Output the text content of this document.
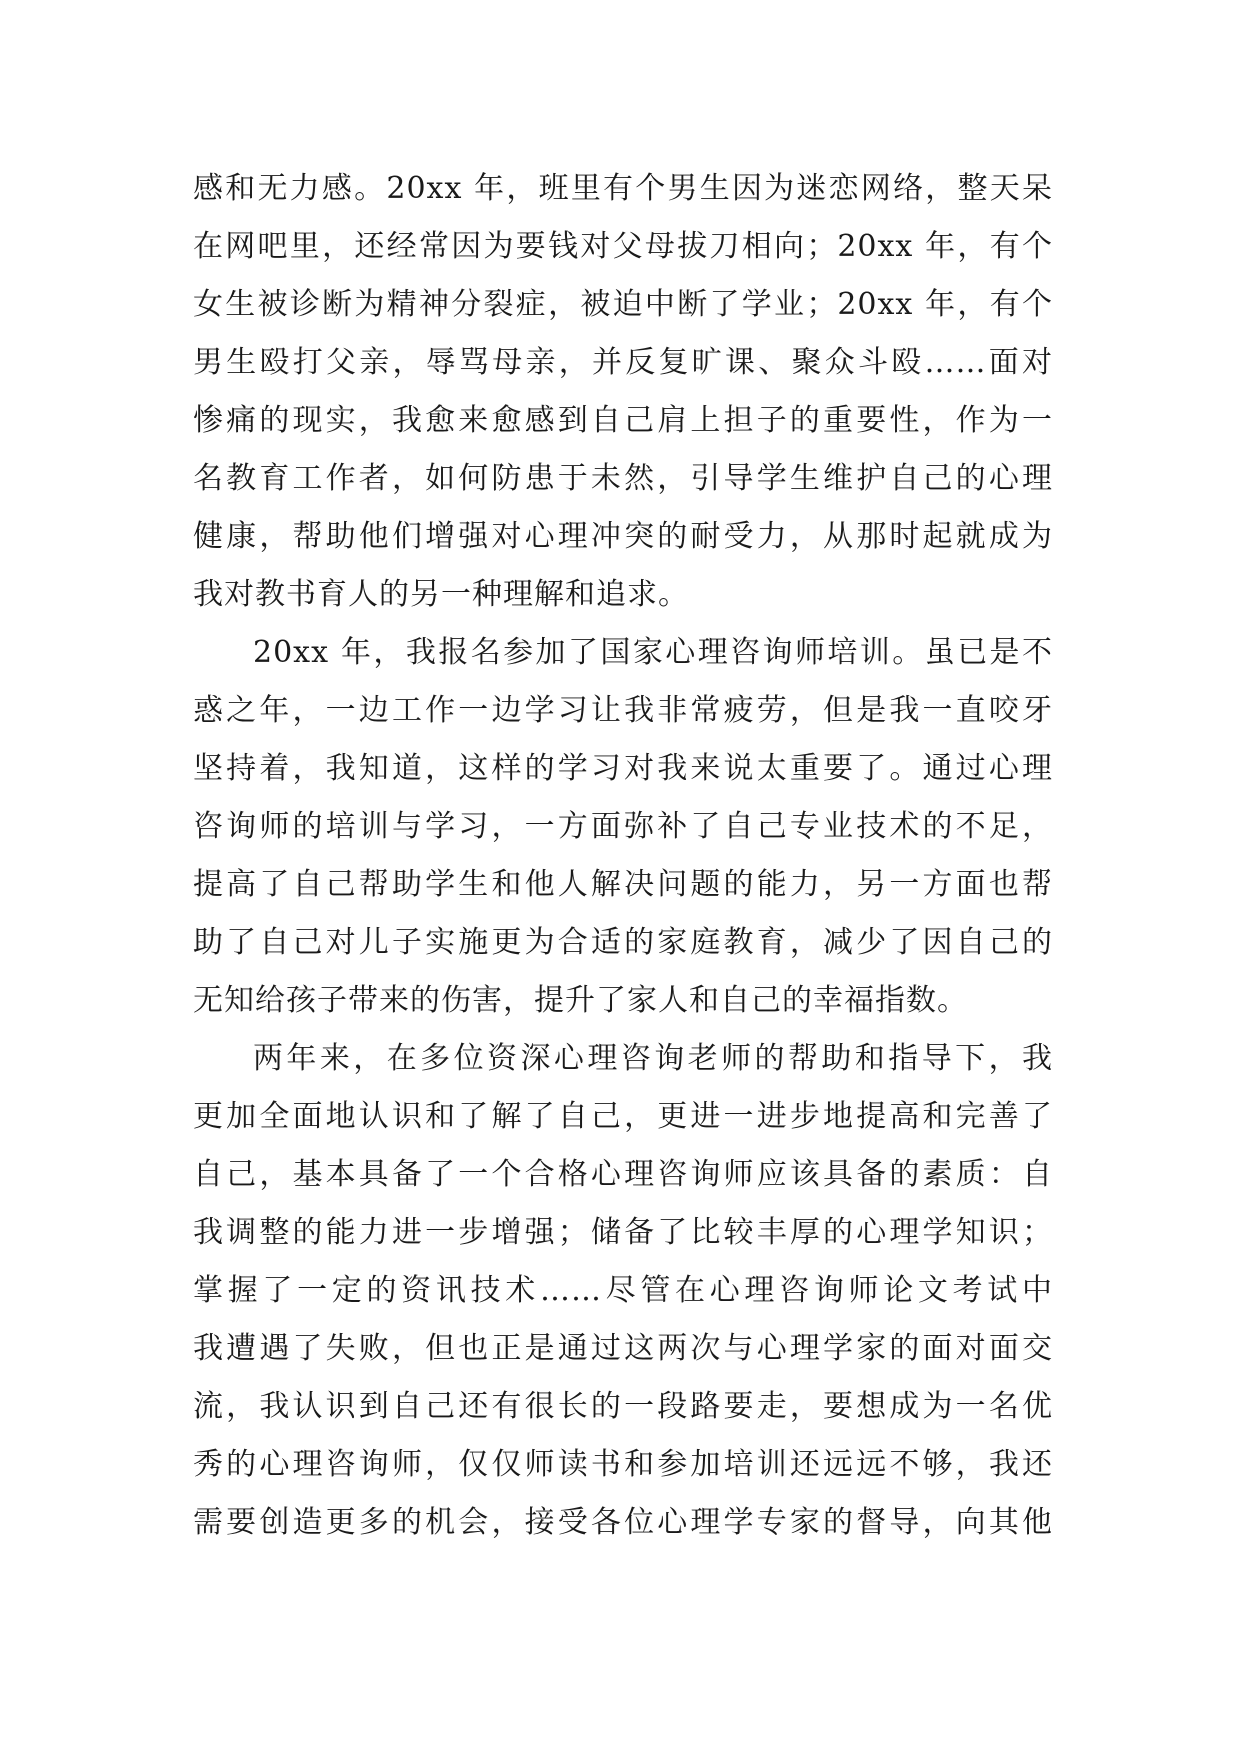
感和无力感。20xx 年，班里有个男生因为迷恋网络，整天呆
在网吧里，还经常因为要钱对父母拔刀相向；20xx 年，有个
女生被诊断为精神分裂症，被迫中断了学业；20xx 年，有个
男生殴打父亲，辱骂母亲，并反复旷课、聚众斗殴……面对
惨痛的现实，我愈来愈感到自己肩上担子的重要性，作为一
名教育工作者，如何防患于未然，引导学生维护自己的心理
健康，帮助他们增强对心理冲突的耐受力，从那时起就成为
我对教书育人的另一种理解和追求。
20xx 年，我报名参加了国家心理咨询师培训。虽已是不
惑之年，一边工作一边学习让我非常疲劳，但是我一直咬牙
坚持着，我知道，这样的学习对我来说太重要了。通过心理
咨询师的培训与学习，一方面弥补了自己专业技术的不足，
提高了自己帮助学生和他人解决问题的能力，另一方面也帮
助了自己对儿子实施更为合适的家庭教育，减少了因自己的
无知给孩子带来的伤害，提升了家人和自己的幸福指数。
两年来，在多位资深心理咨询老师的帮助和指导下，我
更加全面地认识和了解了自己，更进一进步地提高和完善了
自己，基本具备了一个合格心理咨询师应该具备的素质：自
我调整的能力进一步增强；储备了比较丰厚的心理学知识；
掌握了一定的资讯技术……尽管在心理咨询师论文考试中
我遭遇了失败，但也正是通过这两次与心理学家的面对面交
流，我认识到自己还有很长的一段路要走，要想成为一名优
秀的心理咨询师，仅仅师读书和参加培训还远远不够，我还
需要创造更多的机会，接受各位心理学专家的督导，向其他
